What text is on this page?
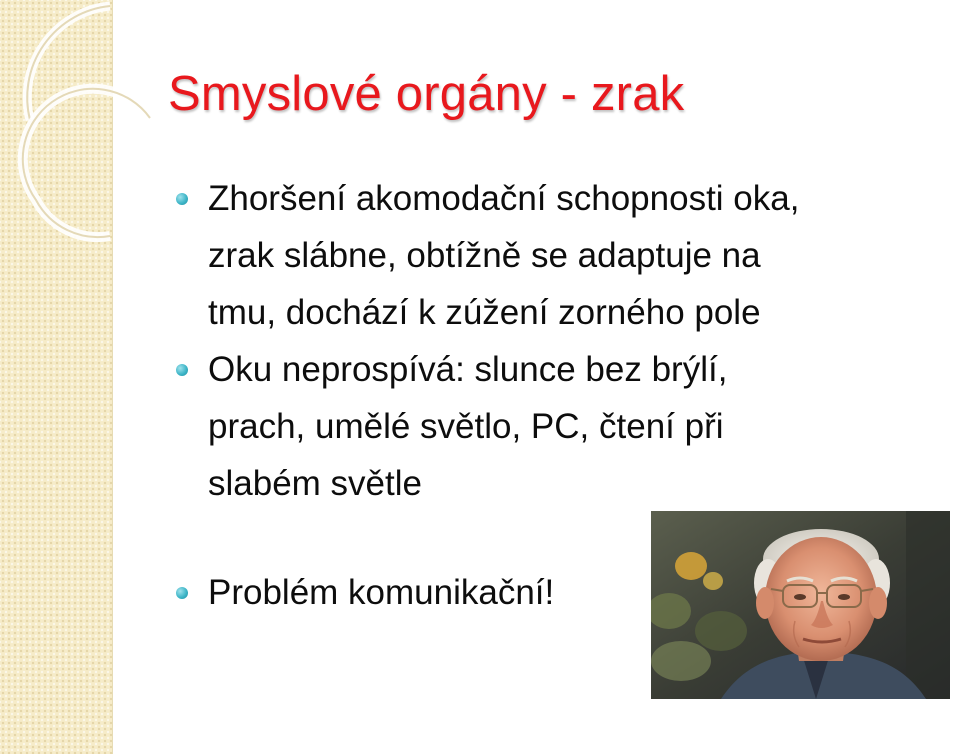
Smyslové orgány - zrak
Zhoršení akomodační schopnosti oka,
zrak slábne, obtížně se adaptuje na
tmu, dochází k zúžení zorného pole
Oku neprospívá: slunce bez brýlí,
prach, umělé světlo, PC, čtení při
slabém světle
Problém komunikační!
